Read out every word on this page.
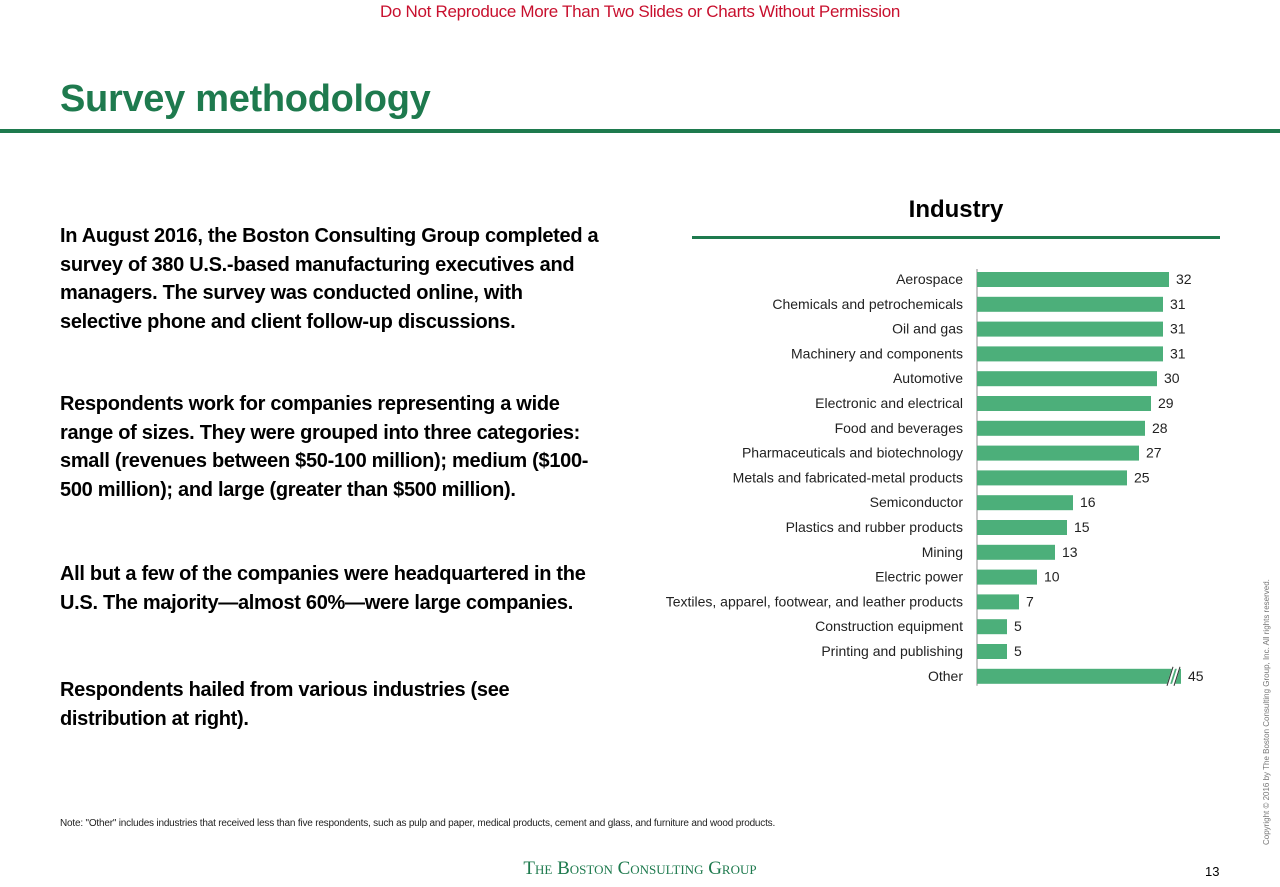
Do Not Reproduce More Than Two Slides or Charts Without Permission
Survey methodology

In August 2016, the Boston Consulting Group completed a survey of 380 U.S.-based manufacturing executives and managers. The survey was conducted online, with selective phone and client follow-up discussions.

Respondents work for companies representing a wide range of sizes. They were grouped into three categories: small (revenues between $50-100 million); medium ($100-500 million); and large (greater than $500 million).

All but a few of the companies were headquartered in the U.S. The majority—almost 60%—were large companies.

Respondents hailed from various industries (see distribution at right).

Industry
Aerospace	32
Chemicals and petrochemicals	31
Oil and gas	31
Machinery and components	31
Automotive	30
Electronic and electrical	29
Food and beverages	28
Pharmaceuticals and biotechnology	27
Metals and fabricated-metal products	25
Semiconductor	16
Plastics and rubber products	15
Mining	13
Electric power	10
Textiles, apparel, footwear, and leather products	7
Construction equipment	5
Printing and publishing	5
Other	45
Note: "Other" includes industries that received less than five respondents, such as pulp and paper, medical products, cement and glass, and furniture and wood products.
The Boston Consulting Group	13
Copyright © 2016 by The Boston Consulting Group, Inc. All rights reserved.
